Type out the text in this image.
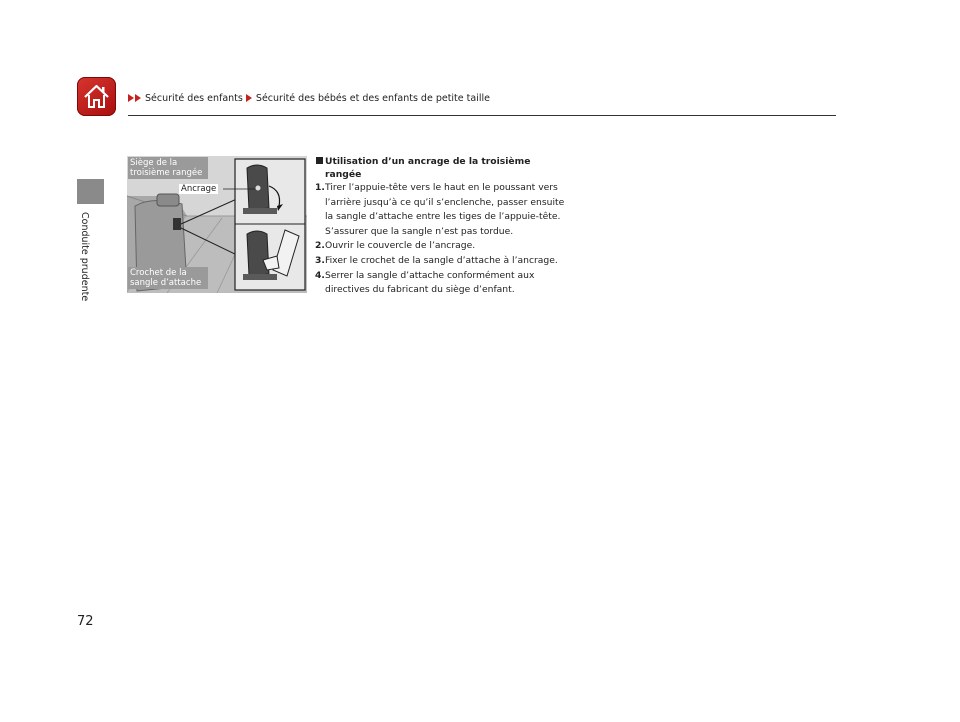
Sécurité des enfants Sécurité des bébés et des enfants de petite taille
Conduite prudente
Siège de la troisième rangée
Ancrage
Crochet de la sangle d’attache
Utilisation d’un ancrage de la troisième rangée
1. Tirer l’appuie-tête vers le haut en le poussant vers l’arrière jusqu’à ce qu’il s’enclenche, passer ensuite la sangle d’attache entre les tiges de l’appuie-tête. S’assurer que la sangle n’est pas tordue.
2. Ouvrir le couvercle de l’ancrage.
3. Fixer le crochet de la sangle d’attache à l’ancrage.
4. Serrer la sangle d’attache conformément aux directives du fabricant du siège d’enfant.
72
